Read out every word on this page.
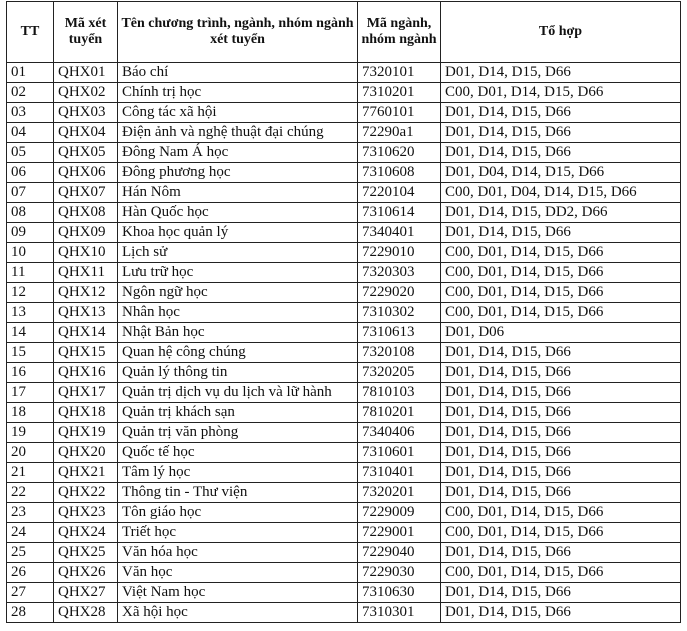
TT	Mã xét tuyển	Tên chương trình, ngành, nhóm ngành xét tuyển	Mã ngành, nhóm ngành	Tổ hợp
01	QHX01	Báo chí	7320101	D01, D14, D15, D66
02	QHX02	Chính trị học	7310201	C00, D01, D14, D15, D66
03	QHX03	Công tác xã hội	7760101	D01, D14, D15, D66
04	QHX04	Điện ảnh và nghệ thuật đại chúng	72290a1	D01, D14, D15, D66
05	QHX05	Đông Nam Á học	7310620	D01, D14, D15, D66
06	QHX06	Đông phương học	7310608	D01, D04, D14, D15, D66
07	QHX07	Hán Nôm	7220104	C00, D01, D04, D14, D15, D66
08	QHX08	Hàn Quốc học	7310614	D01, D14, D15, DD2, D66
09	QHX09	Khoa học quản lý	7340401	D01, D14, D15, D66
10	QHX10	Lịch sử	7229010	C00, D01, D14, D15, D66
11	QHX11	Lưu trữ học	7320303	C00, D01, D14, D15, D66
12	QHX12	Ngôn ngữ học	7229020	C00, D01, D14, D15, D66
13	QHX13	Nhân học	7310302	C00, D01, D14, D15, D66
14	QHX14	Nhật Bản học	7310613	D01, D06
15	QHX15	Quan hệ công chúng	7320108	D01, D14, D15, D66
16	QHX16	Quản lý thông tin	7320205	D01, D14, D15, D66
17	QHX17	Quản trị dịch vụ du lịch và lữ hành	7810103	D01, D14, D15, D66
18	QHX18	Quản trị khách sạn	7810201	D01, D14, D15, D66
19	QHX19	Quản trị văn phòng	7340406	D01, D14, D15, D66
20	QHX20	Quốc tế học	7310601	D01, D14, D15, D66
21	QHX21	Tâm lý học	7310401	D01, D14, D15, D66
22	QHX22	Thông tin - Thư viện	7320201	D01, D14, D15, D66
23	QHX23	Tôn giáo học	7229009	C00, D01, D14, D15, D66
24	QHX24	Triết học	7229001	C00, D01, D14, D15, D66
25	QHX25	Văn hóa học	7229040	D01, D14, D15, D66
26	QHX26	Văn học	7229030	C00, D01, D14, D15, D66
27	QHX27	Việt Nam học	7310630	D01, D14, D15, D66
28	QHX28	Xã hội học	7310301	D01, D14, D15, D66
